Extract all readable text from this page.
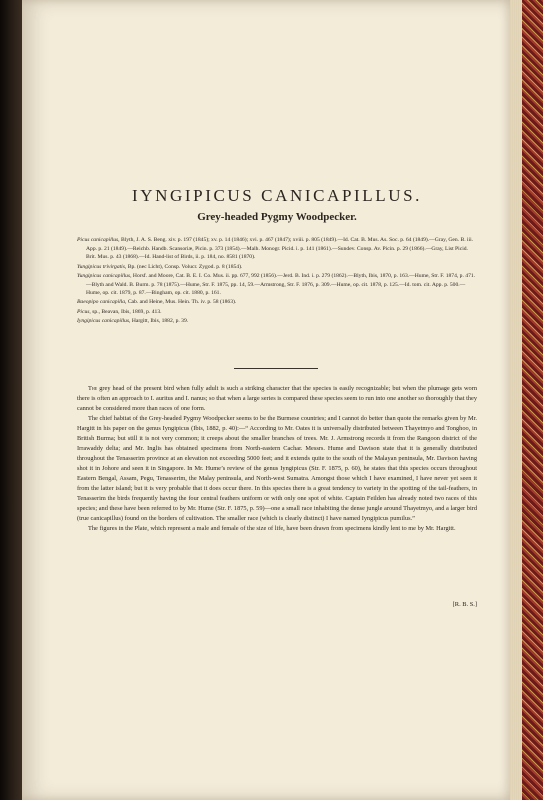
IYNGIPICUS CANICAPILLUS.
Grey-headed Pygmy Woodpecker.

Picus canicapillus, Blyth, J. A. S. Beng. xiv. p. 197 (1845); xv. p. 14 (1846); xvi. p. 467 (1847); xviii. p. 805 (1849).—Id. Cat. B. Mus. As. Soc. p. 64 (1849).—Gray, Gen. B. iii. App. p. 21 (1849).—Reichb. Handb. Scansoriæ, Picin. p. 373 (1854).—Malh. Monogr. Picid. i. p. 141 (1861).—Sundev. Consp. Av. Picin. p. 29 (1866).—Gray, List Picid. Brit. Mus. p. 43 (1868).—Id. Hand-list of Birds, ii. p. 184, no. 8581 (1870).

Yungipicus trivirgatis, Bp. (nec Licht), Consp. Volucr. Zygod. p. 8 (1854).

Yungipicus canicapillus, Horsf. and Moore, Cat. B. E. I. Co. Mus. ii. pp. 677, 992 (1856).—Jerd. B. Ind. i. p. 279 (1862).—Blyth, Ibis, 1870, p. 163.—Hume, Str. F. 1874, p. 471.—Blyth and Wald. B. Burm. p. 78 (1875).—Hume, Str. F. 1875, pp. 14, 59.—Armstrong, Str. F. 1876, p. 309.—Hume, op. cit. 1878, p. 125.—Id. tom. cit. App. p. 500.—Hume, op. cit. 1879, p. 87.—Bingham, op. cit. 1880, p. 161.

Baeopipo canicapilla, Cab. and Heine, Mus. Hein. Th. iv. p. 58 (1863).

Picus, sp., Beavan, Ibis, 1869, p. 413.

Iyngipicus canicapillus, Hargitt, Ibis, 1882, p. 39.

The grey head of the present bird when fully adult is such a striking character that the species is easily recognizable; but when the plumage gets worn there is often an approach to I. auritus and I. nanus; so that when a large series is compared these species seem to run into one another so thoroughly that they cannot be considered more than races of one form.

The chief habitat of the Grey-headed Pygmy Woodpecker seems to be the Burmese countries; and I cannot do better than quote the remarks given by Mr. Hargitt in his paper on the genus Iyngipicus (Ibis, 1882, p. 40):—“ According to Mr. Oates it is universally distributed between Thayetmyo and Tonghoo, in British Burma; but still it is not very common; it creeps about the smaller branches of trees. Mr. J. Armstrong records it from the Rangoon district of the Irrawaddy delta; and Mr. Inglis has obtained specimens from North-eastern Cachar. Messrs. Hume and Davison state that it is generally distributed throughout the Tenasserim province at an elevation not exceeding 5000 feet; and it extends quite to the south of the Malayan peninsula, Mr. Davison having shot it in Johore and seen it in Singapore. In Mr. Hume’s review of the genus Iyngipicus (Str. F. 1875, p. 60), he states that this species occurs throughout Eastern Bengal, Assam, Pegu, Tenasserim, the Malay peninsula, and North-west Sumatra. Amongst those which I have examined, I have never yet seen it from the latter island; but it is very probable that it does occur there. In this species there is a great tendency to variety in the spotting of the tail-feathers, in Tenasserim the birds frequently having the four central feathers uniform or with only one spot of white. Captain Feilden has already noted two races of this species; and these have been referred to by Mr. Hume (Str. F. 1875, p. 59)—one a small race inhabiting the dense jungle around Thayetmyo, and a larger bird (true canicapillus) found on the borders of cultivation. The smaller race (which is clearly distinct) I have named Iyngipicus pumilus.”

The figures in the Plate, which represent a male and female of the size of life, have been drawn from specimens kindly lent to me by Mr. Hargitt.

[R. B. S.]
